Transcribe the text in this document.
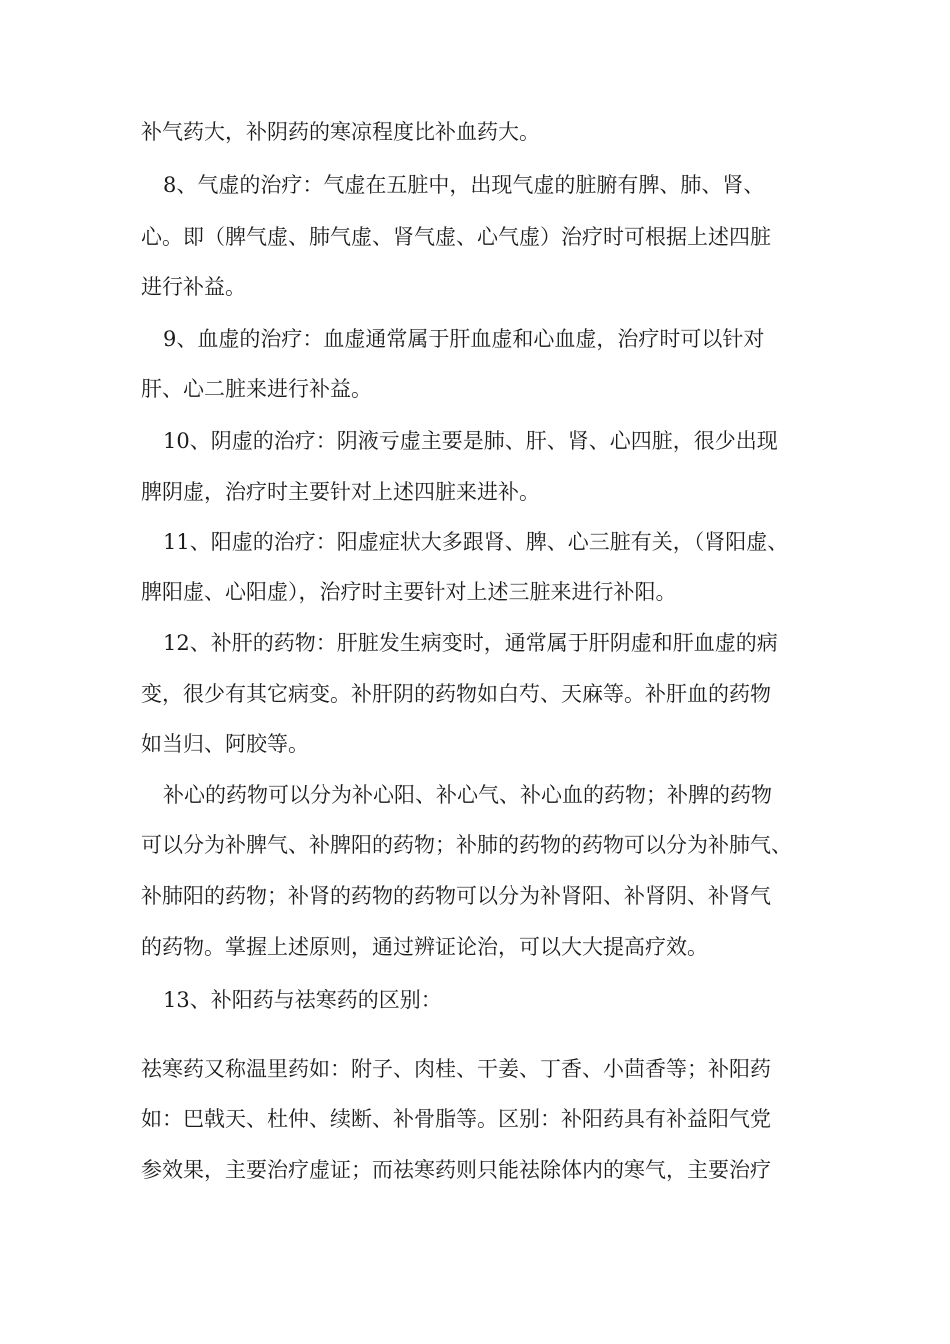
补气药大，补阴药的寒凉程度比补血药大。
8、气虚的治疗：气虚在五脏中，出现气虚的脏腑有脾、肺、肾、
心。即（脾气虚、肺气虚、肾气虚、心气虚）治疗时可根据上述四脏
进行补益。
9、血虚的治疗：血虚通常属于肝血虚和心血虚，治疗时可以针对
肝、心二脏来进行补益。
10、阴虚的治疗：阴液亏虚主要是肺、肝、肾、心四脏，很少出现
脾阴虚，治疗时主要针对上述四脏来进补。
11、阳虚的治疗：阳虚症状大多跟肾、脾、心三脏有关，（肾阳虚、
脾阳虚、心阳虚），治疗时主要针对上述三脏来进行补阳。
12、补肝的药物：肝脏发生病变时，通常属于肝阴虚和肝血虚的病
变，很少有其它病变。补肝阴的药物如白芍、天麻等。补肝血的药物
如当归、阿胶等。
补心的药物可以分为补心阳、补心气、补心血的药物；补脾的药物
可以分为补脾气、补脾阳的药物；补肺的药物的药物可以分为补肺气、
补肺阳的药物；补肾的药物的药物可以分为补肾阳、补肾阴、补肾气
的药物。掌握上述原则，通过辨证论治，可以大大提高疗效。
13、补阳药与祛寒药的区别：
祛寒药又称温里药如：附子、肉桂、干姜、丁香、小茴香等；补阳药
如：巴戟天、杜仲、续断、补骨脂等。区别：补阳药具有补益阳气党
参效果，主要治疗虚证；而祛寒药则只能祛除体内的寒气，主要治疗
